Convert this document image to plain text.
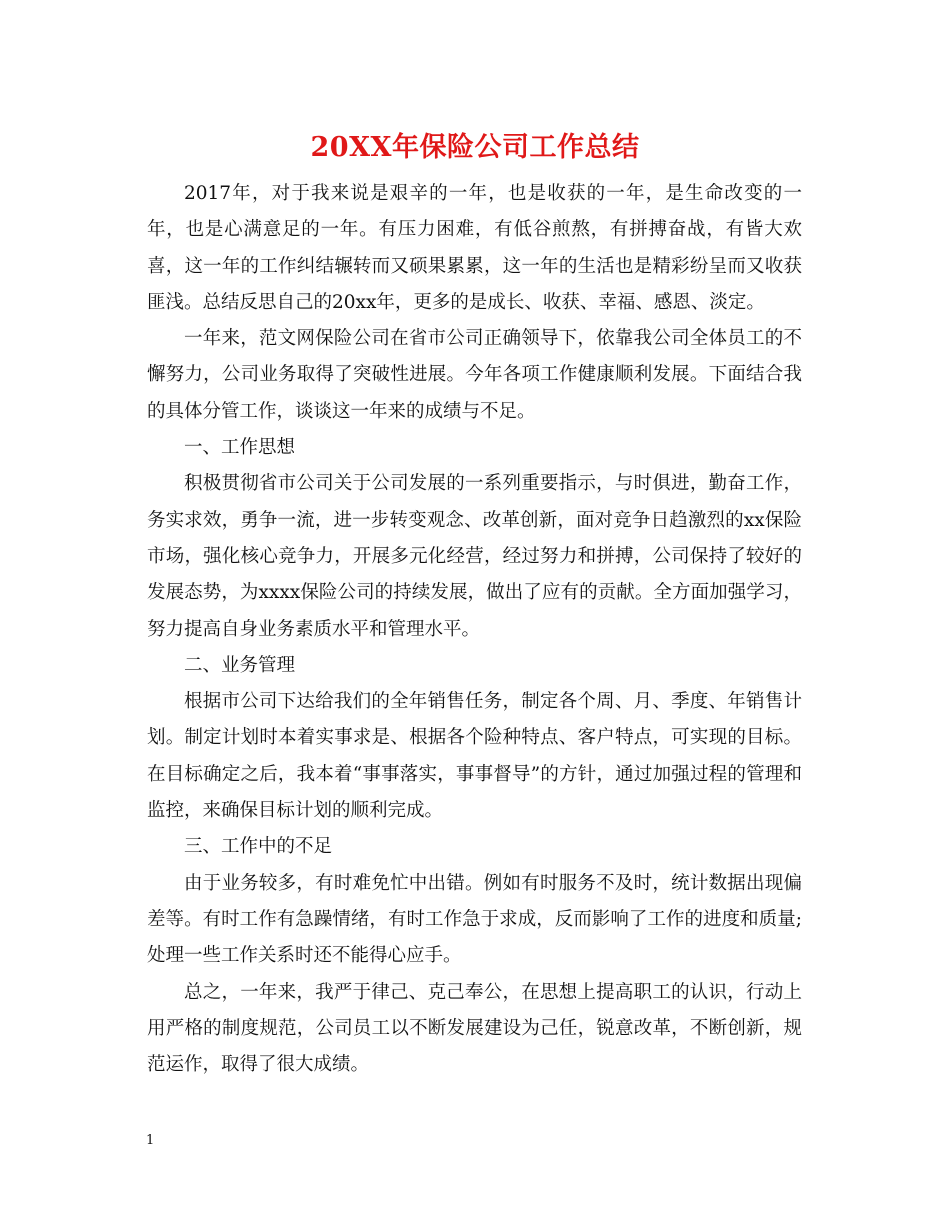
20XX年保险公司工作总结

2017年，对于我来说是艰辛的一年，也是收获的一年，是生命改变的一年，也是心满意足的一年。有压力困难，有低谷煎熬，有拼搏奋战，有皆大欢喜，这一年的工作纠结辗转而又硕果累累，这一年的生活也是精彩纷呈而又收获匪浅。总结反思自己的20xx年，更多的是成长、收获、幸福、感恩、淡定。

一年来，范文网保险公司在省市公司正确领导下，依靠我公司全体员工的不懈努力，公司业务取得了突破性进展。今年各项工作健康顺利发展。下面结合我的具体分管工作，谈谈这一年来的成绩与不足。

一、工作思想

积极贯彻省市公司关于公司发展的一系列重要指示，与时俱进，勤奋工作，务实求效，勇争一流，进一步转变观念、改革创新，面对竞争日趋激烈的xx保险市场，强化核心竞争力，开展多元化经营，经过努力和拼搏，公司保持了较好的发展态势，为xxxx保险公司的持续发展，做出了应有的贡献。全方面加强学习，努力提高自身业务素质水平和管理水平。

二、业务管理

根据市公司下达给我们的全年销售任务，制定各个周、月、季度、年销售计划。制定计划时本着实事求是、根据各个险种特点、客户特点，可实现的目标。在目标确定之后，我本着“事事落实，事事督导”的方针，通过加强过程的管理和监控，来确保目标计划的顺利完成。

三、工作中的不足

由于业务较多，有时难免忙中出错。例如有时服务不及时，统计数据出现偏差等。有时工作有急躁情绪，有时工作急于求成，反而影响了工作的进度和质量;处理一些工作关系时还不能得心应手。

总之，一年来，我严于律己、克己奉公，在思想上提高职工的认识，行动上用严格的制度规范，公司员工以不断发展建设为己任，锐意改革，不断创新，规范运作，取得了很大成绩。

1
